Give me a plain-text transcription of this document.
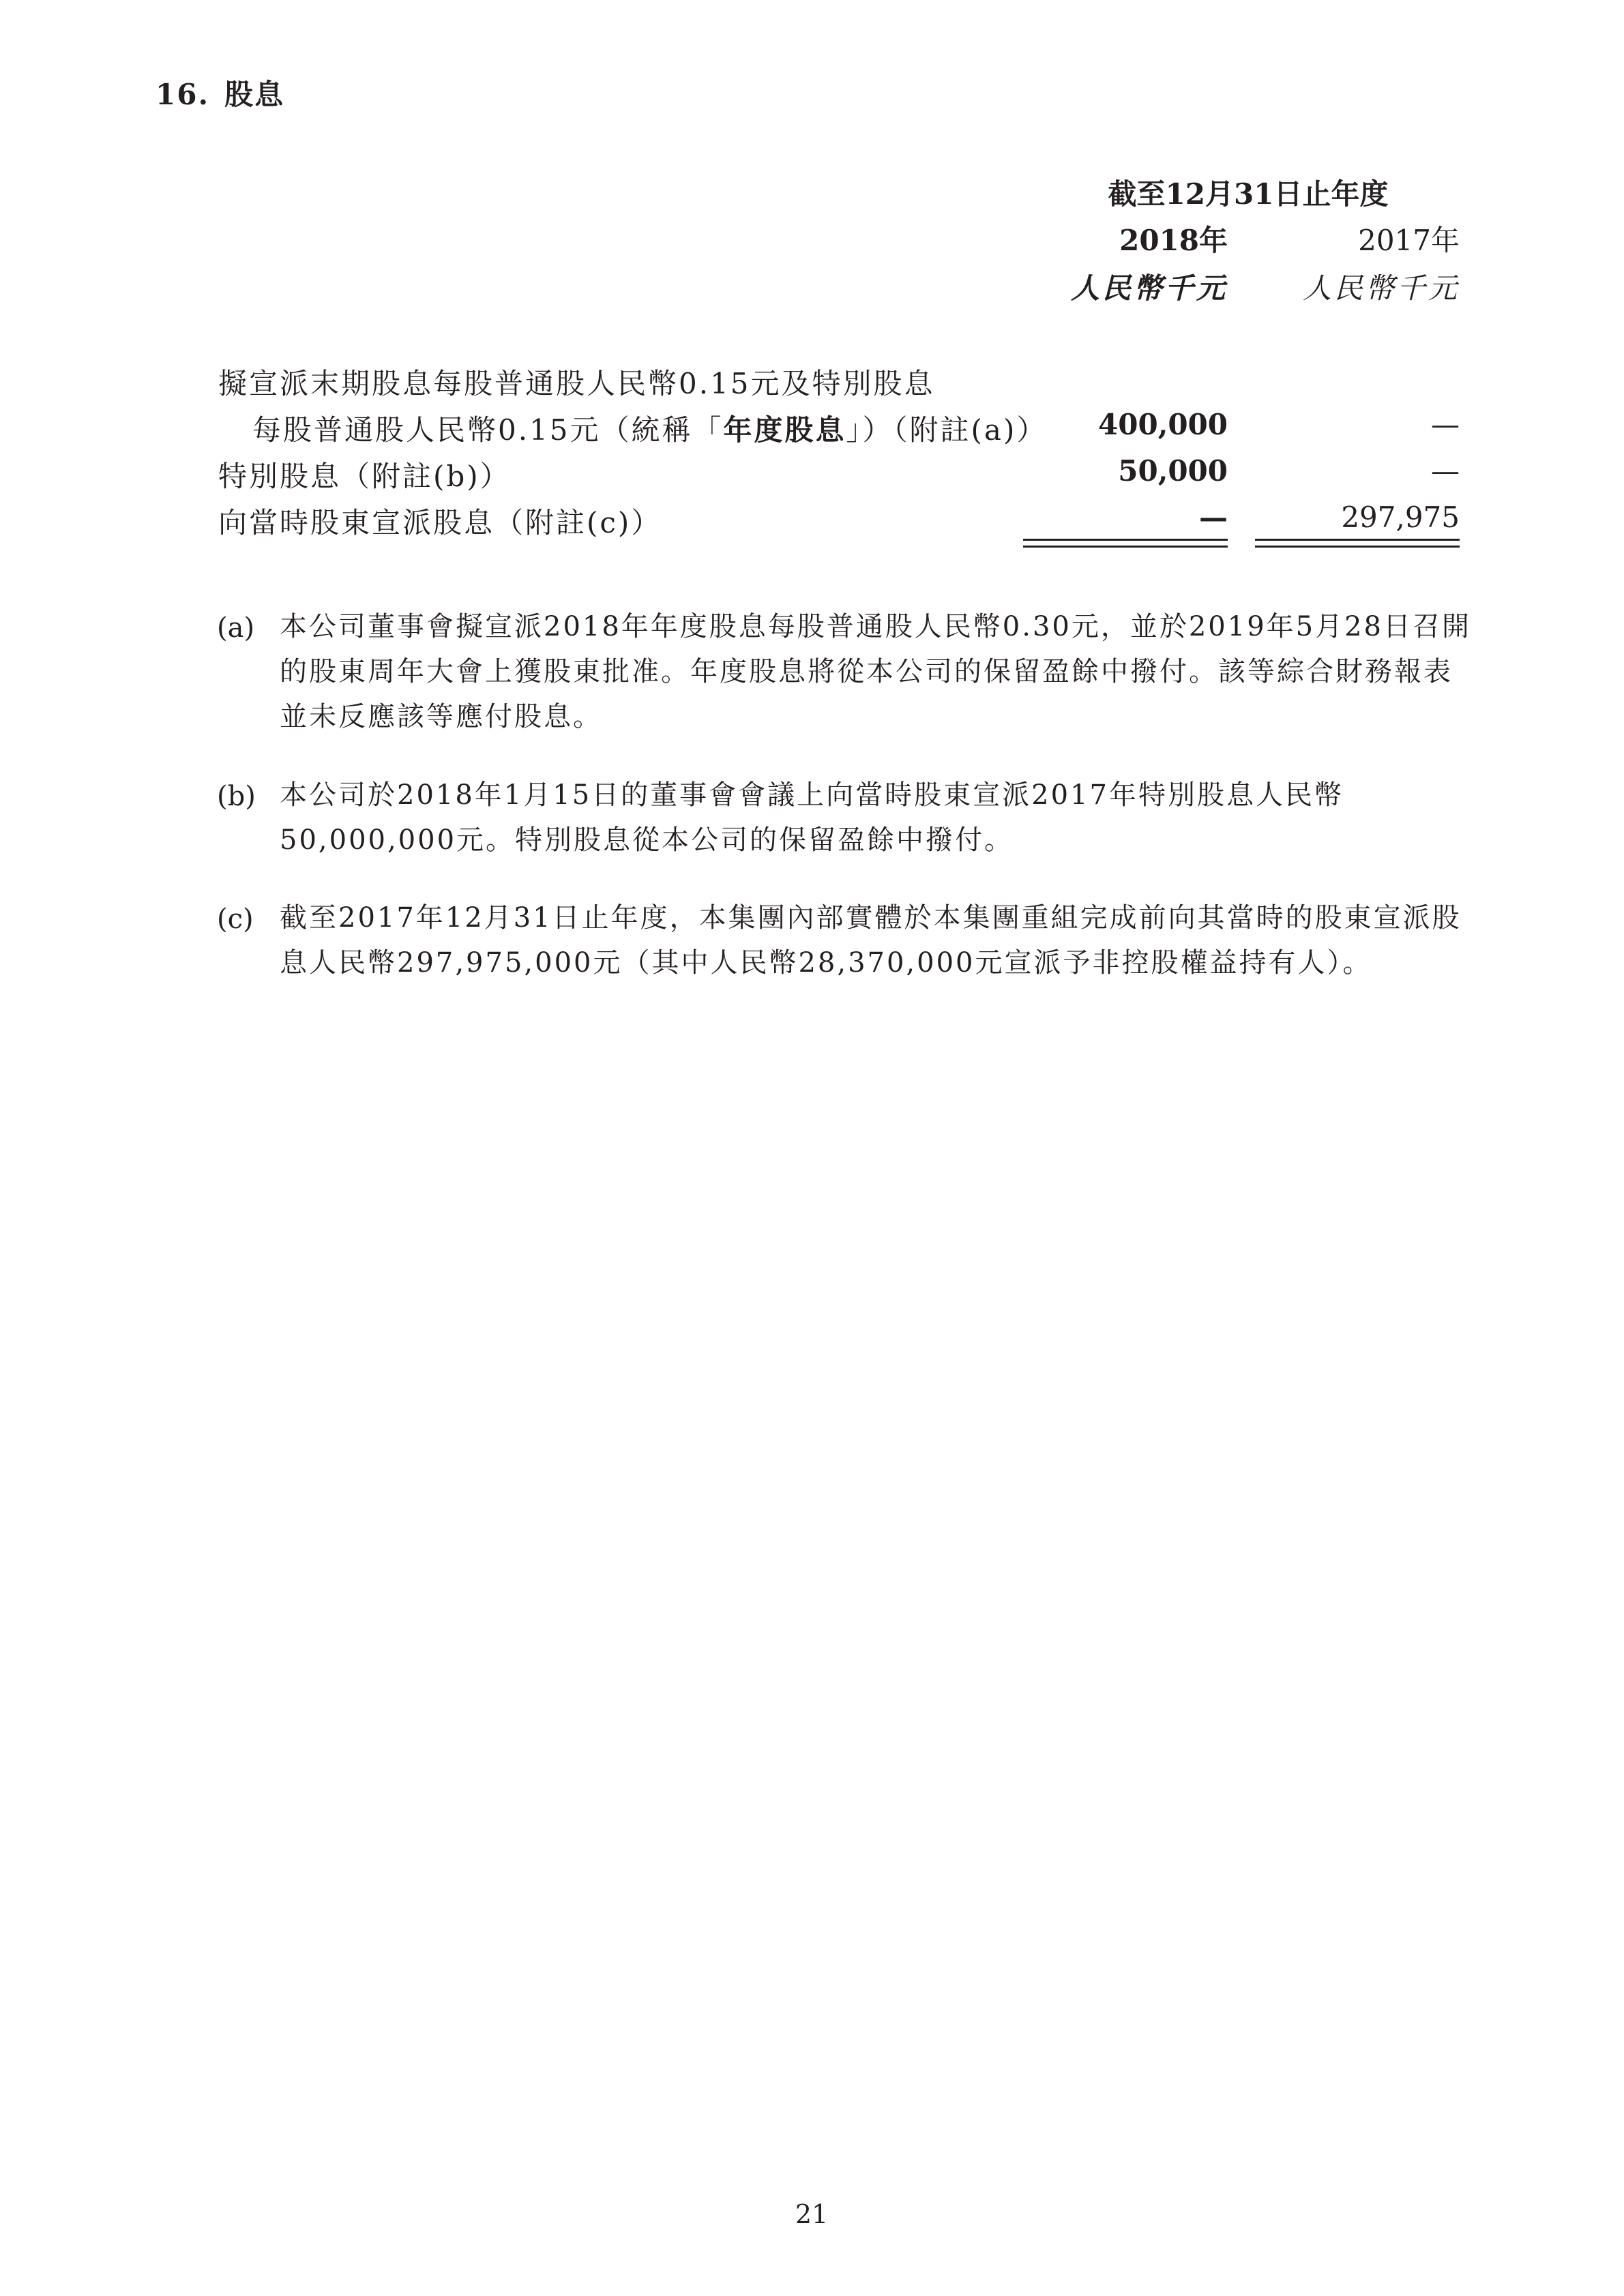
16. 股息
截至12月31日止年度
2018年	2017年
人民幣千元	人民幣千元
擬宣派末期股息每股普通股人民幣0.15元及特別股息
每股普通股人民幣0.15元（統稱「年度股息」）（附註(a)）	400,000	—
特別股息（附註(b)）	50,000	—
向當時股東宣派股息（附註(c)）	—	297,975
(a) 本公司董事會擬宣派2018年年度股息每股普通股人民幣0.30元，並於2019年5月28日召開的股東周年大會上獲股東批准。年度股息將從本公司的保留盈餘中撥付。該等綜合財務報表並未反應該等應付股息。
(b) 本公司於2018年1月15日的董事會會議上向當時股東宣派2017年特別股息人民幣50,000,000元。特別股息從本公司的保留盈餘中撥付。
(c) 截至2017年12月31日止年度，本集團內部實體於本集團重組完成前向其當時的股東宣派股息人民幣297,975,000元（其中人民幣28,370,000元宣派予非控股權益持有人）。
21
